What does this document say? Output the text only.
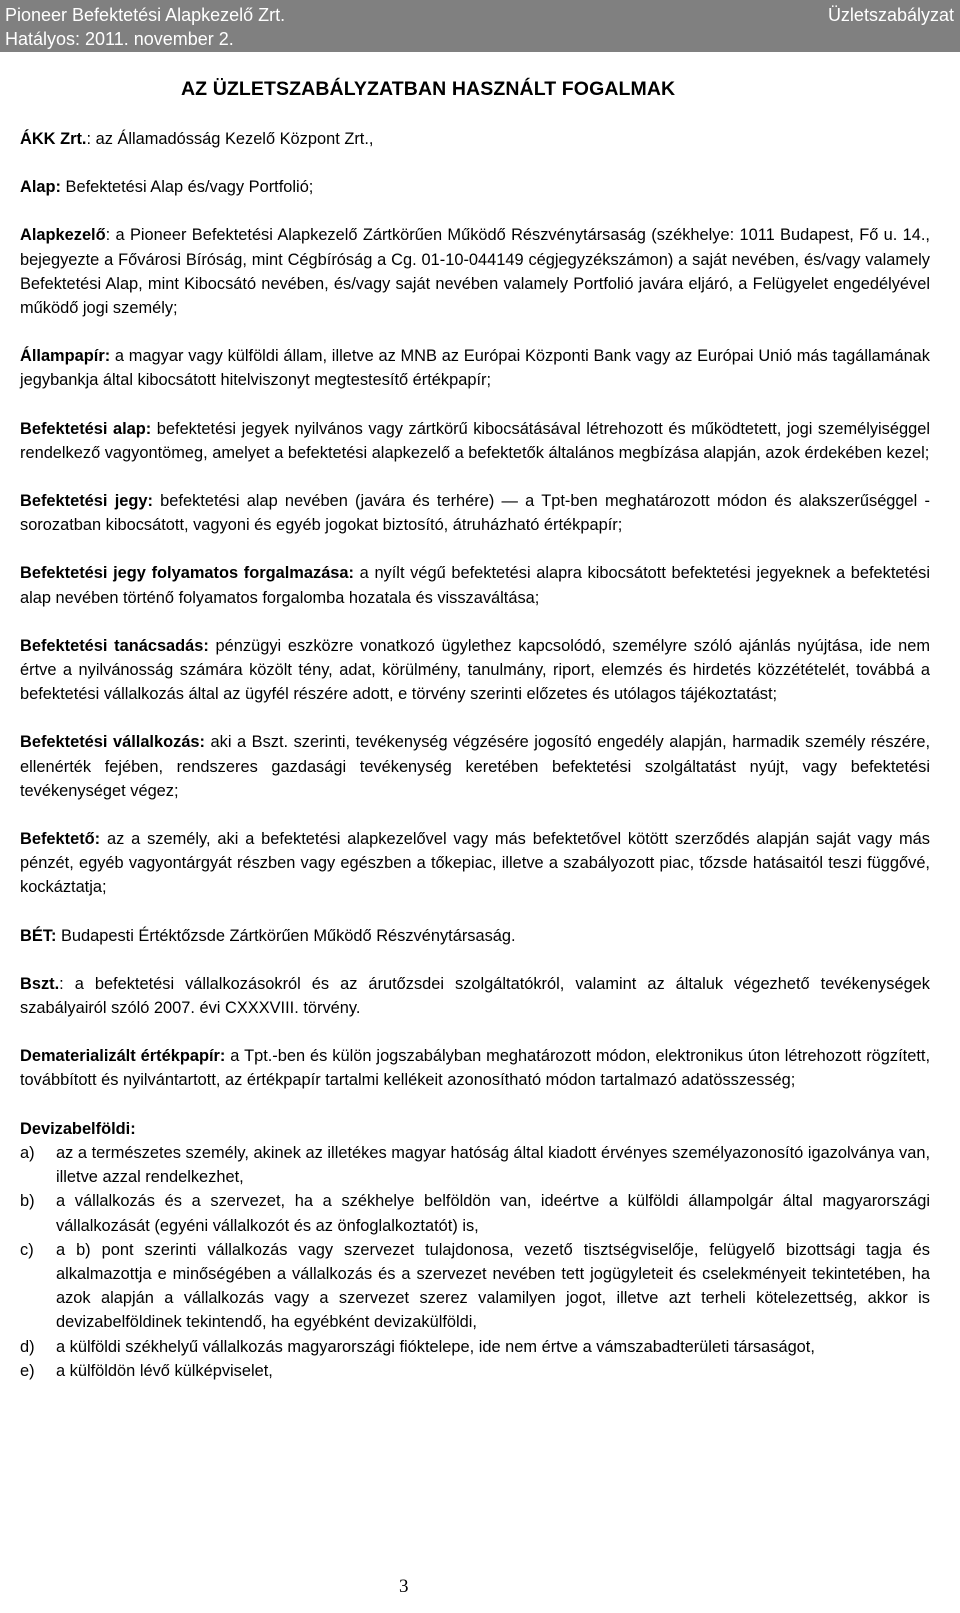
Pioneer Befektetési Alapkezelő Zrt.
Hatályos: 2011. november 2.
Üzletszabályzat
AZ ÜZLETSZABÁLYZATBAN HASZNÁLT FOGALMAK

ÁKK Zrt.: az Államadósság Kezelő Központ Zrt.,

Alap: Befektetési Alap és/vagy Portfolió;

Alapkezelő: a Pioneer Befektetési Alapkezelő Zártkörűen Működő Részvénytársaság (székhelye: 1011 Budapest, Fő u. 14., bejegyezte a Fővárosi Bíróság, mint Cégbíróság a Cg. 01-10-044149 cégjegyzékszámon) a saját nevében, és/vagy valamely Befektetési Alap, mint Kibocsátó nevében, és/vagy saját nevében valamely Portfolió javára eljáró, a Felügyelet engedélyével működő jogi személy;

Állampapír: a magyar vagy külföldi állam, illetve az MNB az Európai Központi Bank vagy az Európai Unió más tagállamának jegybankja által kibocsátott hitelviszonyt megtestesítő értékpapír;

Befektetési alap: befektetési jegyek nyilvános vagy zártkörű kibocsátásával létrehozott és működtetett, jogi személyiséggel rendelkező vagyontömeg, amelyet a befektetési alapkezelő a befektetők általános megbízása alapján, azok érdekében kezel;

Befektetési jegy: befektetési alap nevében (javára és terhére) — a Tpt-ben meghatározott módon és alakszerűséggel - sorozatban kibocsátott, vagyoni és egyéb jogokat biztosító, átruházható értékpapír;

Befektetési jegy folyamatos forgalmazása: a nyílt végű befektetési alapra kibocsátott befektetési jegyeknek a befektetési alap nevében történő folyamatos forgalomba hozatala és visszaváltása;

Befektetési tanácsadás: pénzügyi eszközre vonatkozó ügylethez kapcsolódó, személyre szóló ajánlás nyújtása, ide nem értve a nyilvánosság számára közölt tény, adat, körülmény, tanulmány, riport, elemzés és hirdetés közzétételét, továbbá a befektetési vállalkozás által az ügyfél részére adott, e törvény szerinti előzetes és utólagos tájékoztatást;

Befektetési vállalkozás: aki a Bszt. szerinti, tevékenység végzésére jogosító engedély alapján, harmadik személy részére, ellenérték fejében, rendszeres gazdasági tevékenység keretében befektetési szolgáltatást nyújt, vagy befektetési tevékenységet végez;

Befektető: az a személy, aki a befektetési alapkezelővel vagy más befektetővel kötött szerződés alapján saját vagy más pénzét, egyéb vagyontárgyát részben vagy egészben a tőkepiac, illetve a szabályozott piac, tőzsde hatásaitól teszi függővé, kockáztatja;

BÉT: Budapesti Értéktőzsde Zártkörűen Működő Részvénytársaság.

Bszt.: a befektetési vállalkozásokról és az árutőzsdei szolgáltatókról, valamint az általuk végezhető tevékenységek szabályairól szóló 2007. évi CXXXVIII. törvény.

Dematerializált értékpapír: a Tpt.-ben és külön jogszabályban meghatározott módon, elektronikus úton létrehozott rögzített, továbbított és nyilvántartott, az értékpapír tartalmi kellékeit azonosítható módon tartalmazó adatösszesség;

Devizabelföldi:
a) az a természetes személy, akinek az illetékes magyar hatóság által kiadott érvényes személyazonosító igazolványa van, illetve azzal rendelkezhet,
b) a vállalkozás és a szervezet, ha a székhelye belföldön van, ideértve a külföldi állampolgár által magyarországi vállalkozását (egyéni vállalkozót és az önfoglalkoztatót) is,
c) a b) pont szerinti vállalkozás vagy szervezet tulajdonosa, vezető tisztségviselője, felügyelő bizottsági tagja és alkalmazottja e minőségében a vállalkozás és a szervezet nevében tett jogügyleteit és cselekményeit tekintetében, ha azok alapján a vállalkozás vagy a szervezet szerez valamilyen jogot, illetve azt terheli kötelezettség, akkor is devizabelföldinek tekintendő, ha egyébként devizakülföldi,
d) a külföldi székhelyű vállalkozás magyarországi fióktelepe, ide nem értve a vámszabadterületi társaságot,
e) a külföldön lévő külképviselet,
3
